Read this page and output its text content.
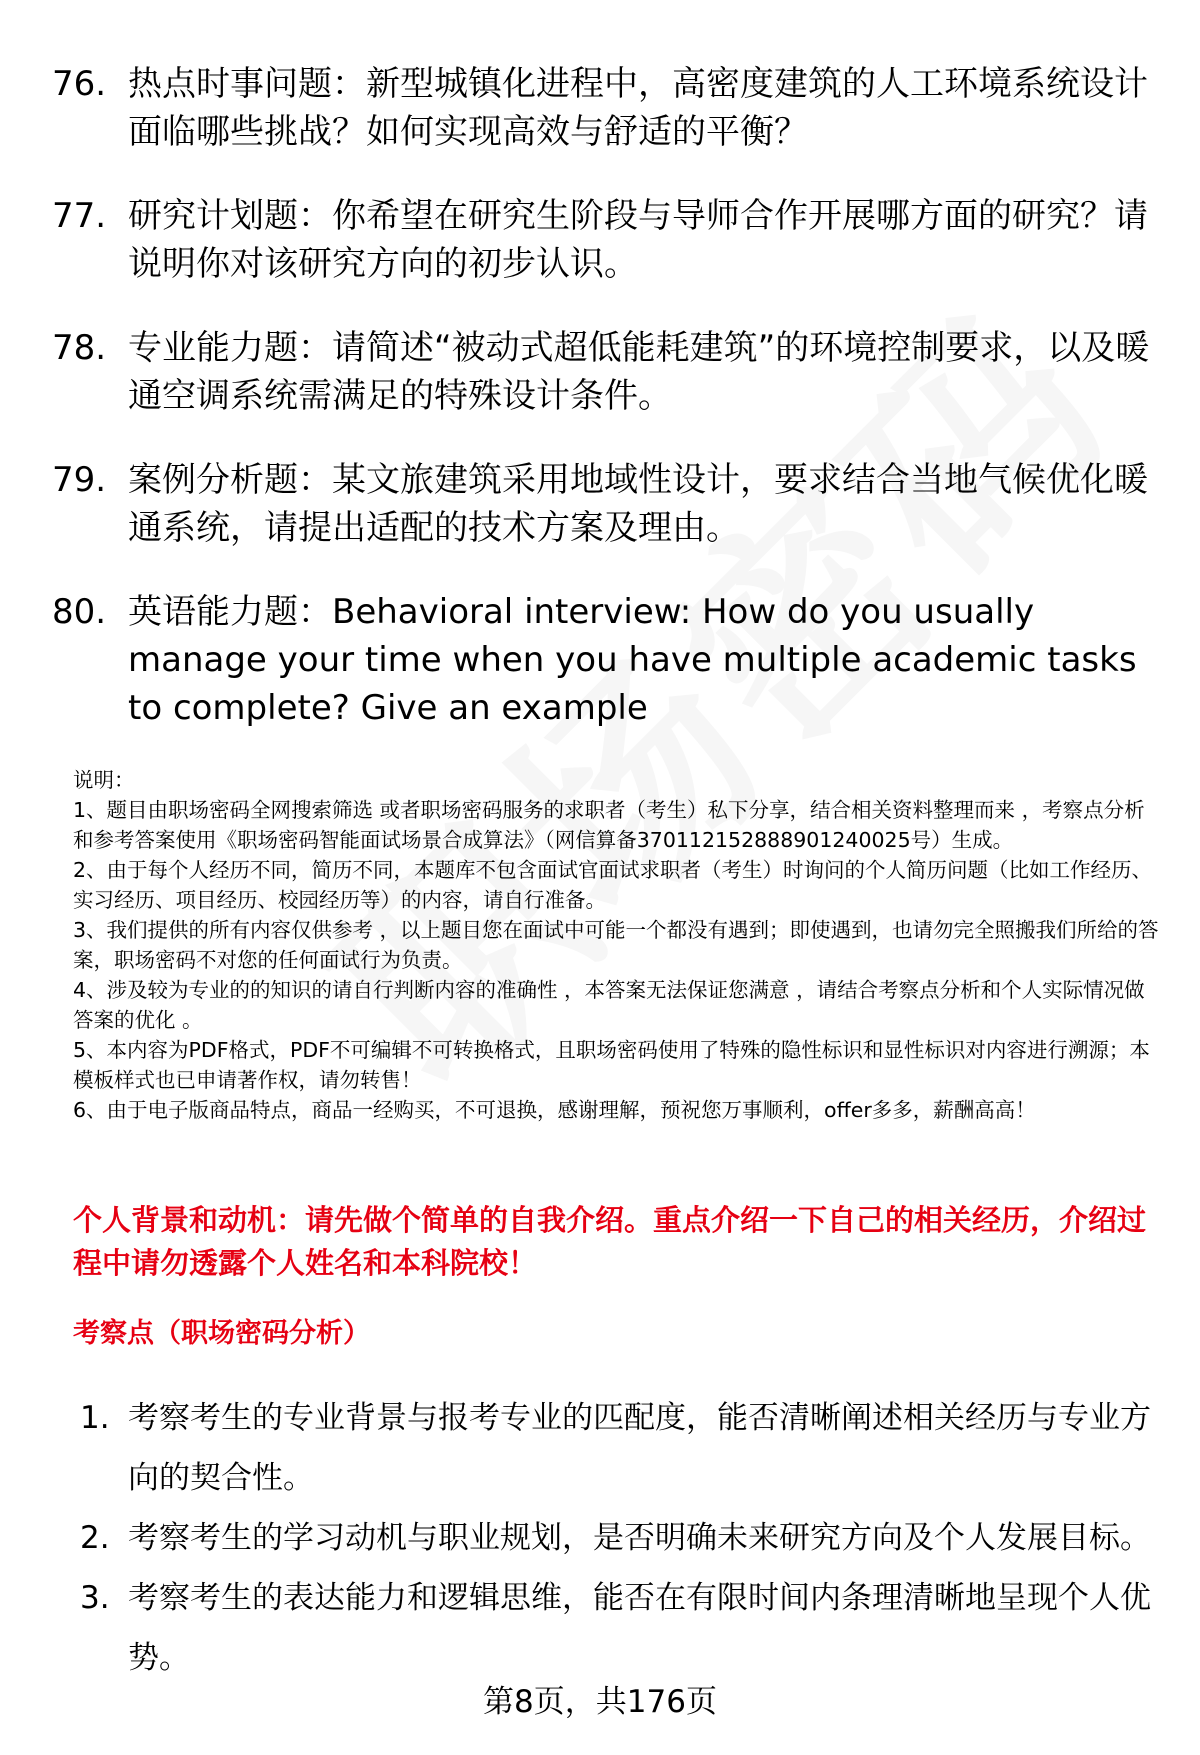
76. 热点时事问题：新型城镇化进程中，高密度建筑的人工环境系统设计面临哪些挑战？如何实现高效与舒适的平衡？
77. 研究计划题：你希望在研究生阶段与导师合作开展哪方面的研究？请说明你对该研究方向的初步认识。
78. 专业能力题：请简述“被动式超低能耗建筑”的环境控制要求，以及暖通空调系统需满足的特殊设计条件。
79. 案例分析题：某文旅建筑采用地域性设计，要求结合当地气候优化暖通系统，请提出适配的技术方案及理由。
80. 英语能力题：Behavioral interview: How do you usually manage your time when you have multiple academic tasks to complete? Give an example

说明：

1、题目由职场密码全网搜索筛选 或者职场密码服务的求职者（考生）私下分享，结合相关资料整理而来 ，考察点分析和参考答案使用《职场密码智能面试场景合成算法》（网信算备370112152888901240025号）生成。

2、由于每个人经历不同，简历不同，本题库不包含面试官面试求职者（考生）时询问的个人简历问题（比如工作经历、实习经历、项目经历、校园经历等）的内容，请自行准备。

3、我们提供的所有内容仅供参考 ，以上题目您在面试中可能一个都没有遇到；即使遇到，也请勿完全照搬我们所给的答案，职场密码不对您的任何面试行为负责。

4、涉及较为专业的的知识的请自行判断内容的准确性 ，本答案无法保证您满意 ，请结合考察点分析和个人实际情况做答案的优化 。

5、本内容为PDF格式，PDF不可编辑不可转换格式，且职场密码使用了特殊的隐性标识和显性标识对内容进行溯源；本模板样式也已申请著作权，请勿转售！

6、由于电子版商品特点，商品一经购买，不可退换，感谢理解，预祝您万事顺利，offer多多，薪酬高高！

个人背景和动机：请先做个简单的自我介绍。重点介绍一下自己的相关经历，介绍过程中请勿透露个人姓名和本科院校！
考察点（职场密码分析）
1. 考察考生的专业背景与报考专业的匹配度，能否清晰阐述相关经历与专业方向的契合性。
2. 考察考生的学习动机与职业规划，是否明确未来研究方向及个人发展目标。
3. 考察考生的表达能力和逻辑思维，能否在有限时间内条理清晰地呈现个人优势。
第8页，共176页
